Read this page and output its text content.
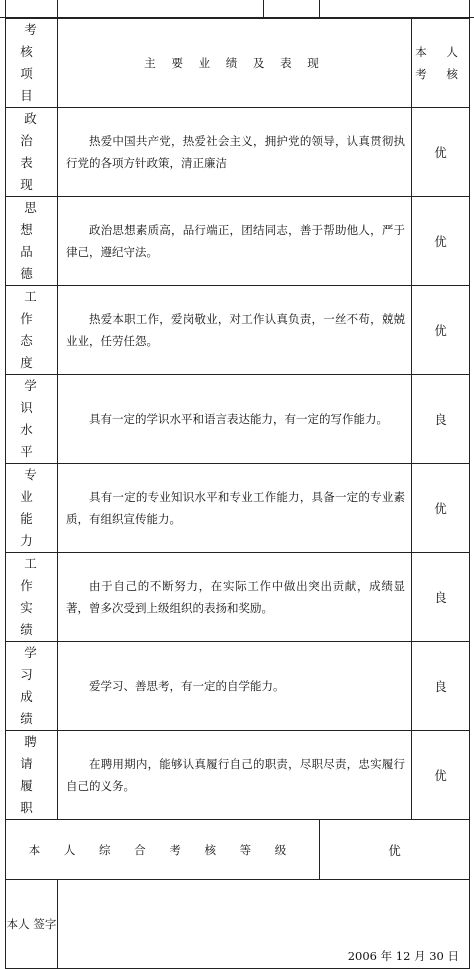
考 核 项 目	主 要 业 绩 及 表 现		本 人 考 核
政 治 表 现	热爱中国共产党，热爱社会主义，拥护党的领导，认真贯彻执行党的各项方针政策，清正廉洁		优
思 想 品 德	政治思想素质高，品行端正，团结同志，善于帮助他人，严于律己，遵纪守法。		优
工 作 态 度	热爱本职工作，爱岗敬业，对工作认真负责，一丝不苟，兢兢业业，任劳任怨。		优
学 识 水 平	具有一定的学识水平和语言表达能力，有一定的写作能力。		良
专 业 能 力	具有一定的专业知识水平和专业工作能力，具备一定的专业素质，有组织宣传能力。		优
工 作 实 绩	由于自己的不断努力，在实际工作中做出突出贡献，成绩显著，曾多次受到上级组织的表扬和奖励。		良
学 习 成 绩	爱学习、善思考，有一定的自学能力。		良
聘 请 履 职	在聘用期内，能够认真履行自己的职责，尽职尽责，忠实履行自己的义务。		优
本 人 综 合 考 核 等 级		优	
本人 签字	2006 年 12 月 30 日		
